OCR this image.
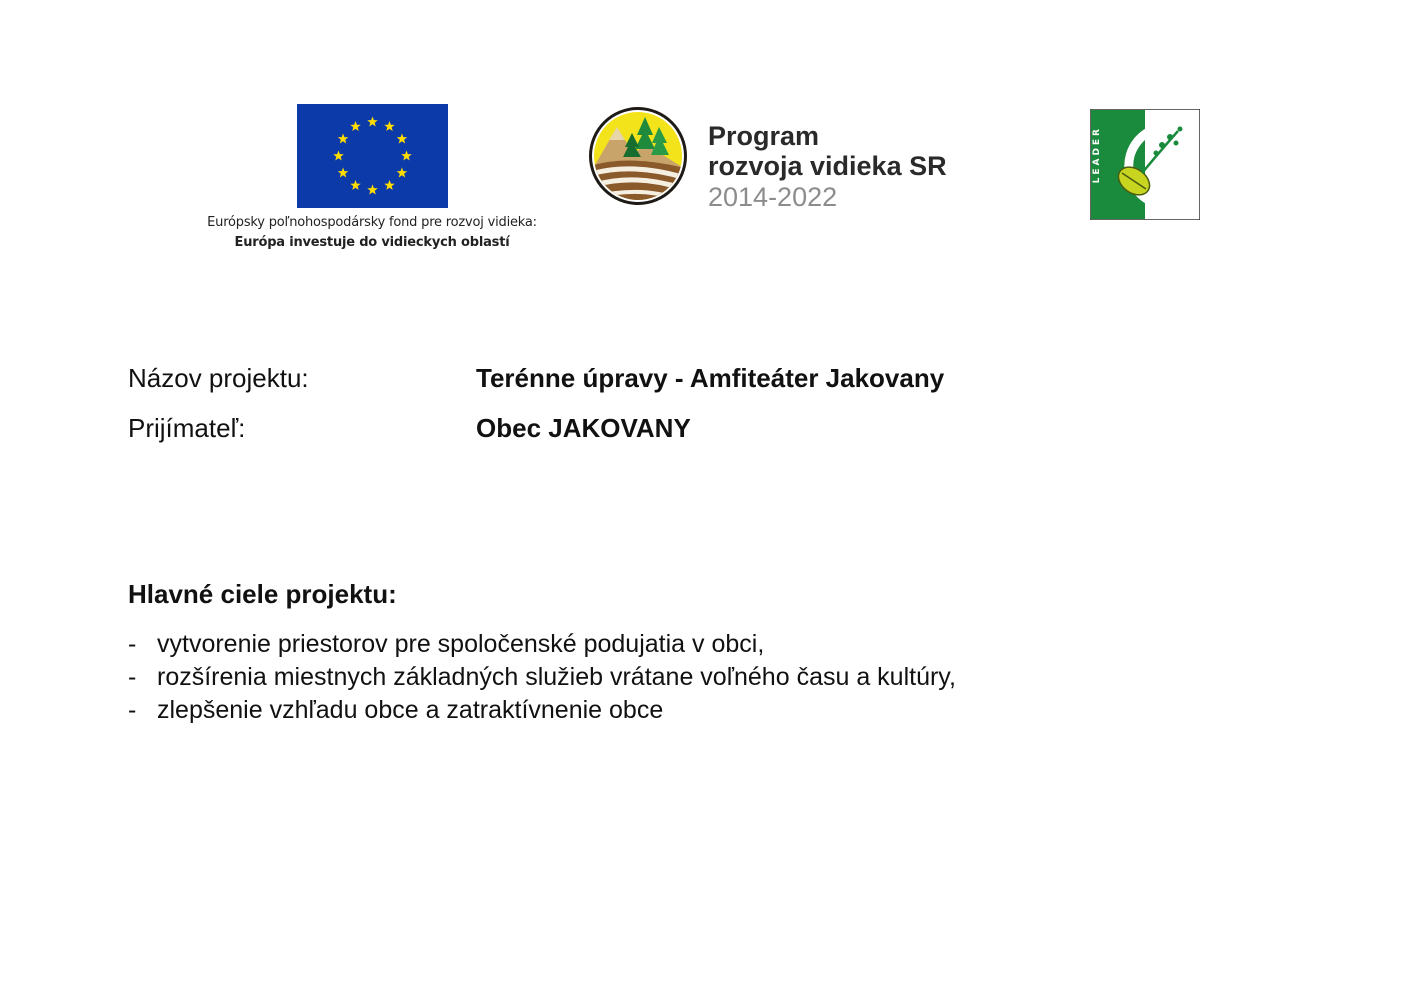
Európsky poľnohospodársky fond pre rozvoj vidieka:
Európa investuje do vidieckych oblastí
Program
rozvoja vidieka SR
2014-2022
LEADER
Názov projektu:	Terénne úpravy - Amfiteáter Jakovany
Prijímateľ:	Obec JAKOVANY
Hlavné ciele projektu:
- vytvorenie priestorov pre spoločenské podujatia v obci,
- rozšírenia miestnych základných služieb vrátane voľného času a kultúry,
- zlepšenie vzhľadu obce a zatraktívnenie obce
